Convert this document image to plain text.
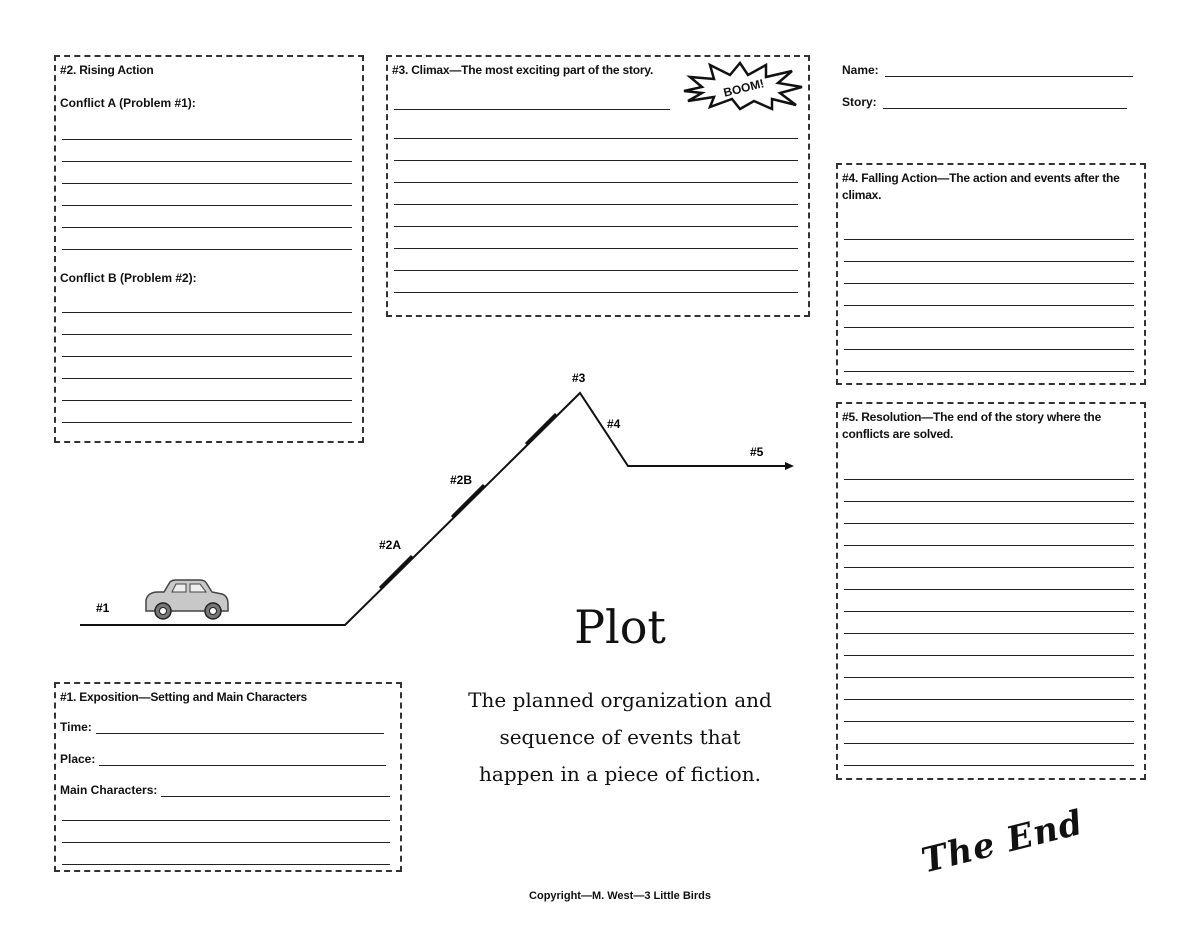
#2. Rising Action
Conflict A (Problem #1):
Conflict B (Problem #2):
#3. Climax—The most exciting part of the story.
BOOM!
Name:
Story:
#4. Falling Action—The action and events after the climax.
#5. Resolution—The end of the story where the conflicts are solved.
#1. Exposition—Setting and Main Characters
Time:
Place:
Main Characters:
#1
#2A
#2B
#3
#4
#5
Plot
The planned organization and sequence of events that happen in a piece of fiction.
The End
Copyright—M. West—3 Little Birds
